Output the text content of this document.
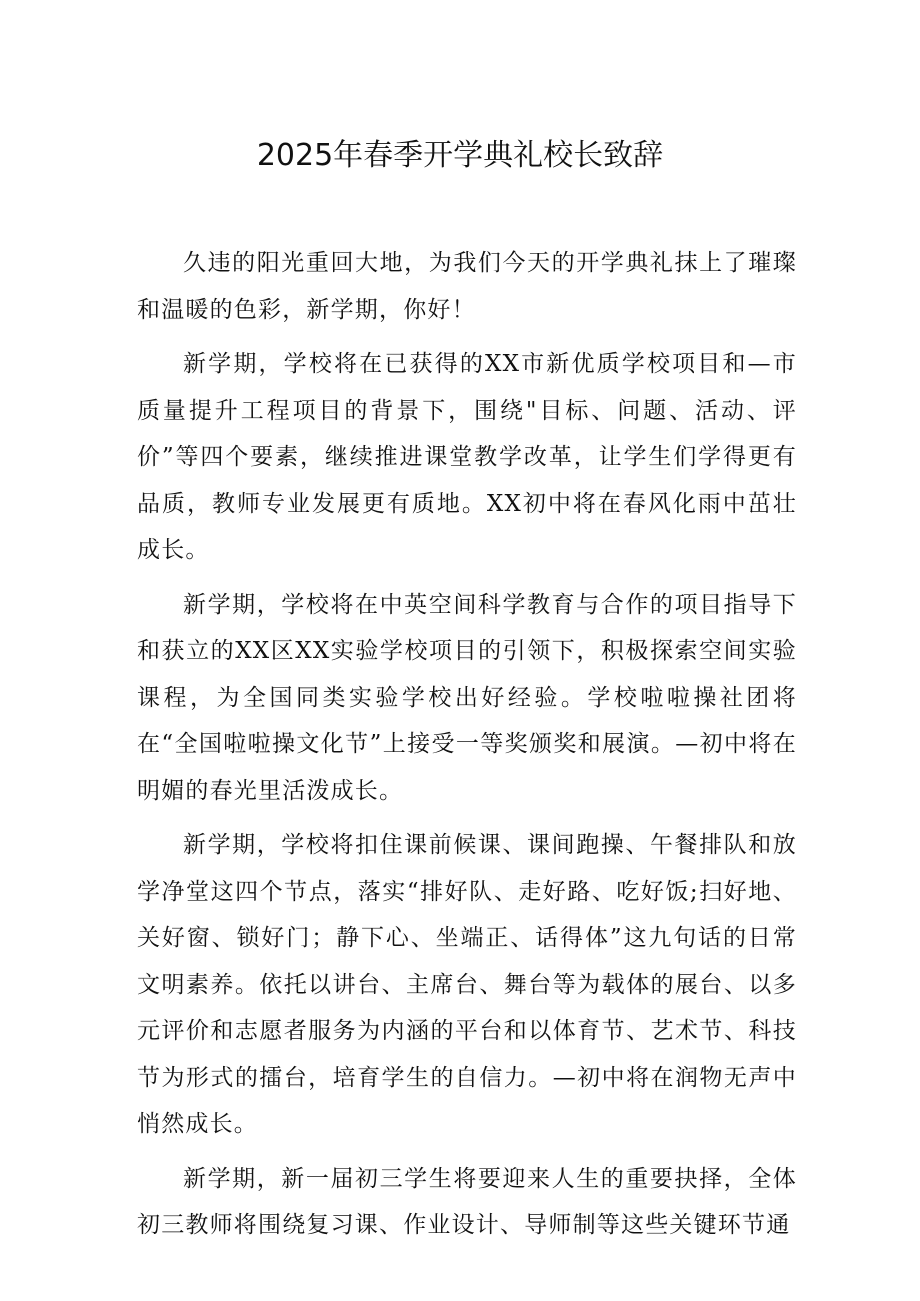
2025年春季开学典礼校长致辞

久违的阳光重回大地，为我们今天的开学典礼抹上了璀璨和温暖的色彩，新学期，你好！

新学期，学校将在已获得的XX市新优质学校项目和—市质量提升工程项目的背景下，围绕"目标、问题、活动、评价”等四个要素，继续推进课堂教学改革，让学生们学得更有品质，教师专业发展更有质地。XX初中将在春风化雨中茁壮成长。

新学期，学校将在中英空间科学教育与合作的项目指导下和获立的XX区XX实验学校项目的引领下，积极探索空间实验课程，为全国同类实验学校出好经验。学校啦啦操社团将在“全国啦啦操文化节”上接受一等奖颁奖和展演。—初中将在明媚的春光里活泼成长。

新学期，学校将扣住课前候课、课间跑操、午餐排队和放学净堂这四个节点，落实“排好队、走好路、吃好饭;扫好地、关好窗、锁好门；静下心、坐端正、话得体”这九句话的日常文明素养。依托以讲台、主席台、舞台等为载体的展台、以多元评价和志愿者服务为内涵的平台和以体育节、艺术节、科技节为形式的擂台，培育学生的自信力。—初中将在润物无声中悄然成长。

新学期，新一届初三学生将要迎来人生的重要抉择，全体初三教师将围绕复习课、作业设计、导师制等这些关键环节通
